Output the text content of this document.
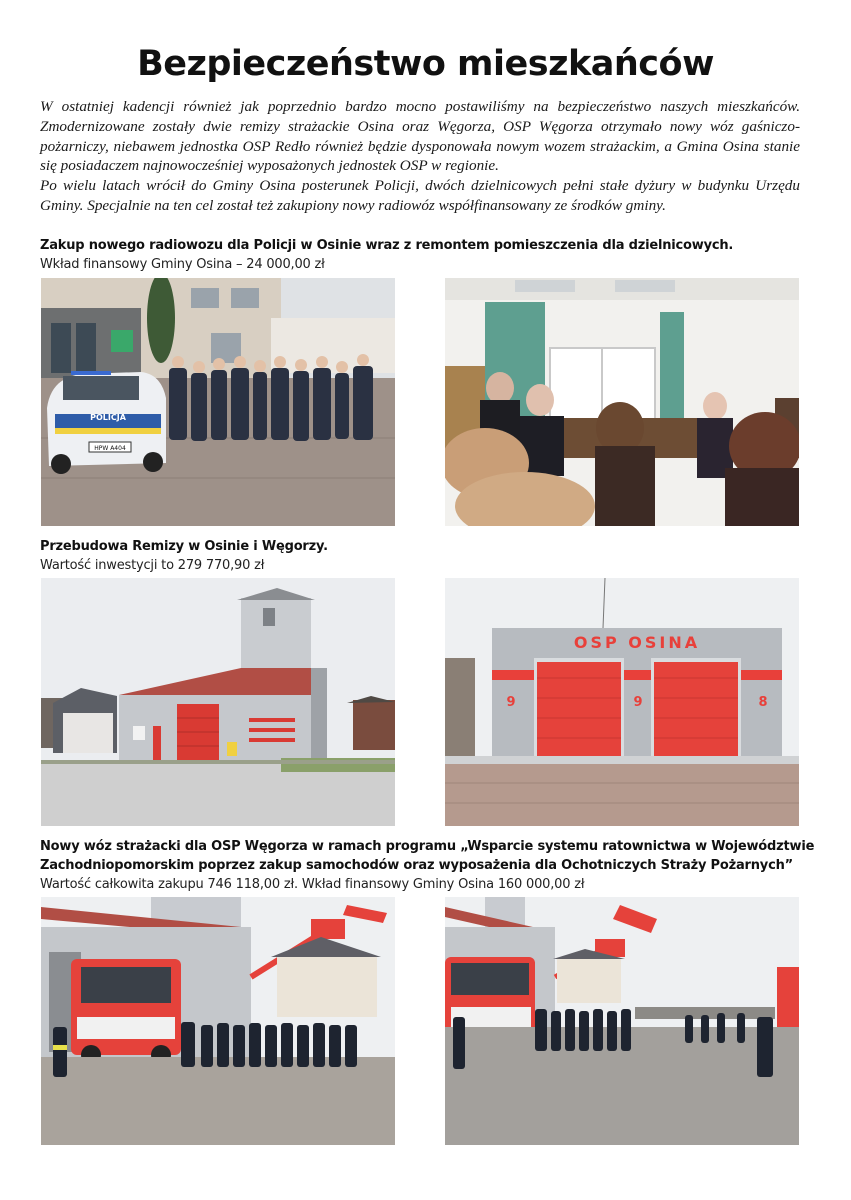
Bezpieczeństwo mieszkańców

W ostatniej kadencji również jak poprzednio bardzo mocno postawiliśmy na bezpieczeństwo naszych mieszkańców. Zmodernizowane zostały dwie remizy strażackie Osina oraz Węgorza, OSP Węgorza otrzymało nowy wóz gaśniczo-pożarniczy, niebawem jednostka OSP Redło również będzie dysponowała nowym wozem strażackim, a Gmina Osina stanie się posiadaczem najnowocześniej wyposażonych jednostek OSP w regionie.

Po wielu latach wrócił do Gminy Osina posterunek Policji, dwóch dzielnicowych pełni stałe dyżury w budynku Urzędu Gminy. Specjalnie na ten cel został też zakupiony nowy radiowóz współfinansowany ze środków gminy.

Zakup nowego radiowozu dla Policji w Osinie wraz z remontem pomieszczenia dla dzielnicowych.
Wkład finansowy Gminy Osina – 24 000,00 zł
POLICJA
HPW A404
Przebudowa Remizy w Osinie i Węgorzy.
Wartość inwestycji to 279 770,90 zł
OSP OSINA
9	9	8
Nowy wóz strażacki dla OSP Węgorza w ramach programu „Wsparcie systemu ratownictwa w Województwie
Zachodniopomorskim poprzez zakup samochodów oraz wyposażenia dla Ochotniczych Straży Pożarnych”
Wartość całkowita zakupu 746 118,00 zł. Wkład finansowy Gminy Osina 160 000,00 zł
